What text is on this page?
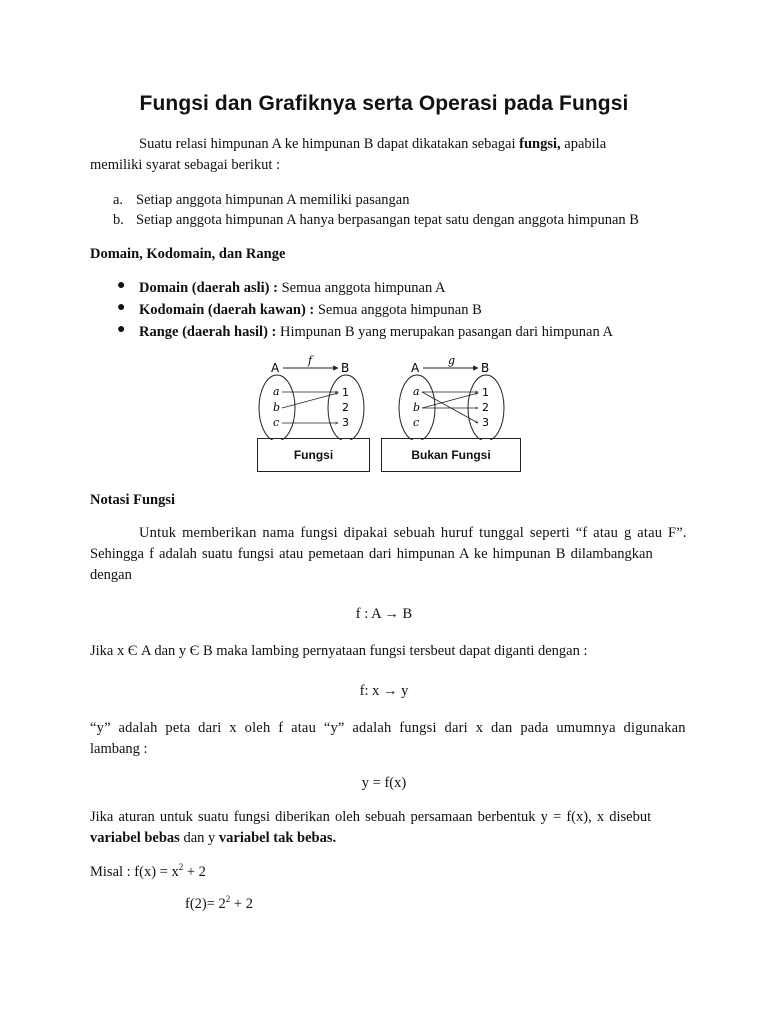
Fungsi dan Grafiknya serta Operasi pada Fungsi
Suatu relasi himpunan A ke himpunan B dapat dikatakan sebagai fungsi, apabila
memiliki syarat sebagai berikut :
a. Setiap anggota himpunan A memiliki pasangan
b. Setiap anggota himpunan A hanya berpasangan tepat satu dengan anggota himpunan B
Domain, Kodomain, dan Range
● Domain (daerah asli) : Semua anggota himpunan A
● Kodomain (daerah kawan) : Semua anggota himpunan B
● Range (daerah hasil) : Himpunan B yang merupakan pasangan dari himpunan A
A	B
f
a
b
c
1
2
3
A	B
g
a
b
c
1
2
3
Fungsi	Bukan Fungsi
Notasi Fungsi
Untuk memberikan nama fungsi dipakai sebuah huruf tunggal seperti “f atau g atau F”.
Sehingga f adalah suatu fungsi atau pemetaan dari himpunan A ke himpunan B dilambangkan
dengan
f : A → B
Jika x Є A dan y Є B maka lambing pernyataan fungsi tersbeut dapat diganti dengan :
f: x → y
“y” adalah peta dari x oleh f atau “y” adalah fungsi dari x dan pada umumnya digunakan
lambang :
y = f(x)
Jika aturan untuk suatu fungsi diberikan oleh sebuah persamaan berbentuk y = f(x), x disebut
variabel bebas dan y variabel tak bebas.
Misal : $f(x) = x^2 + 2$
$f(2)= 2^2 + 2$
